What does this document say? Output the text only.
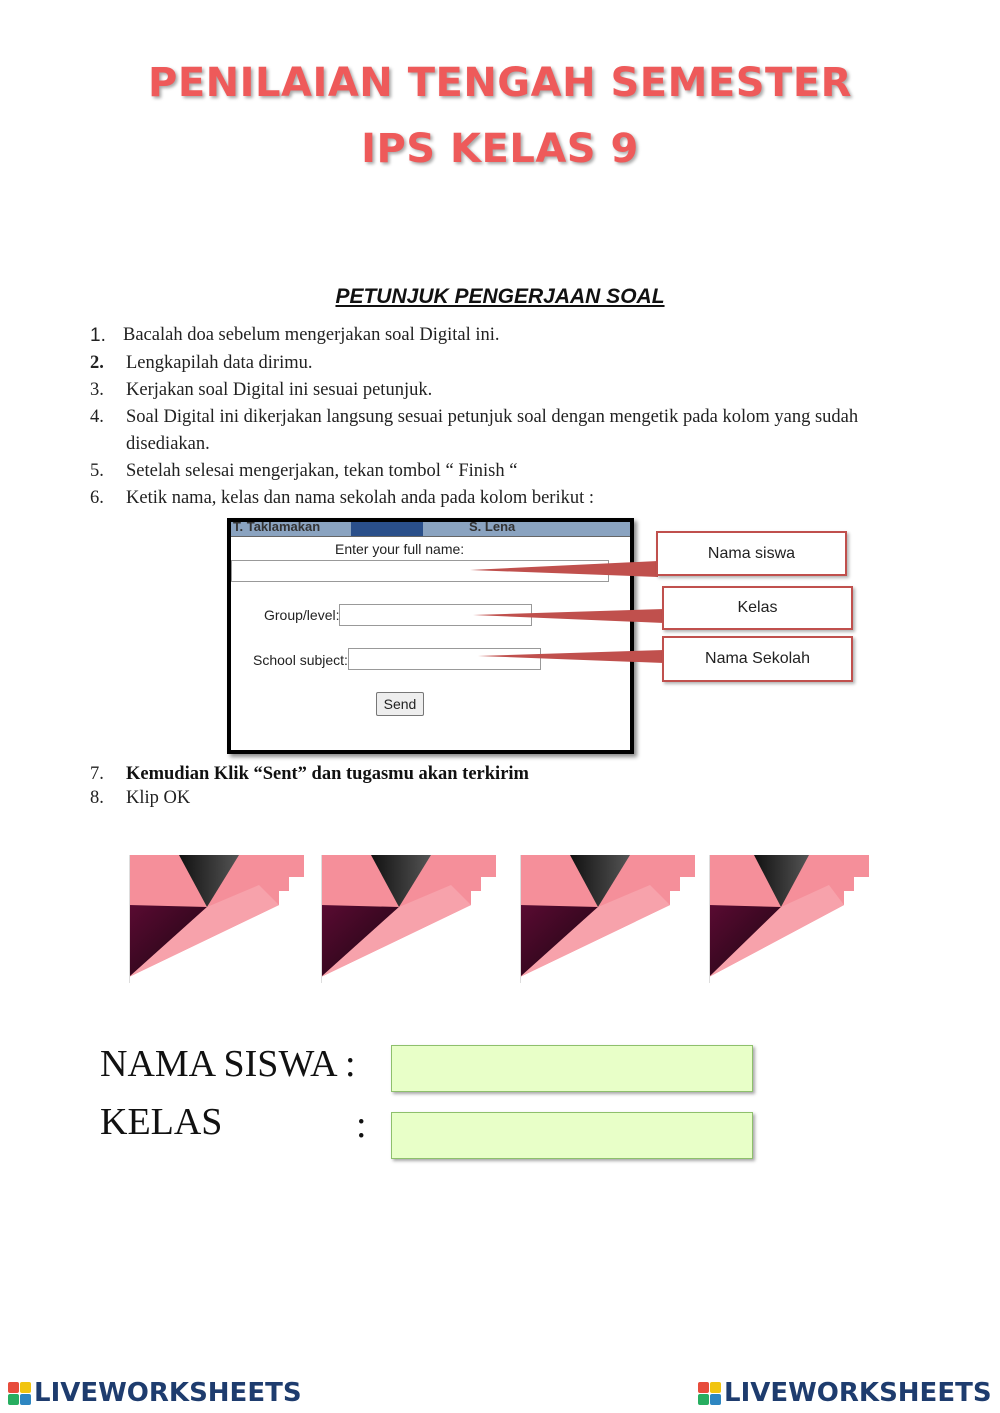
PENILAIAN TENGAH SEMESTER
IPS KELAS 9
PETUNJUK PENGERJAAN SOAL
1. Bacalah doa sebelum mengerjakan soal Digital ini.
2. Lengkapilah data dirimu.
3. Kerjakan soal Digital ini sesuai petunjuk.
4. Soal Digital ini dikerjakan langsung sesuai petunjuk soal dengan mengetik pada kolom yang sudah disediakan.
5. Setelah selesai mengerjakan, tekan tombol “ Finish “
6. Ketik nama, kelas dan nama sekolah anda pada kolom berikut :
T. Taklamakan	S. Lena
Enter your full name:
Group/level:
School subject:
Send
Nama siswa
Kelas
Nama Sekolah
7. Kemudian Klik “Sent” dan tugasmu akan terkirim
8. Klip OK
NAMA SISWA :
KELAS	:
LIVEWORKSHEETS	LIVEWORKSHEETS
